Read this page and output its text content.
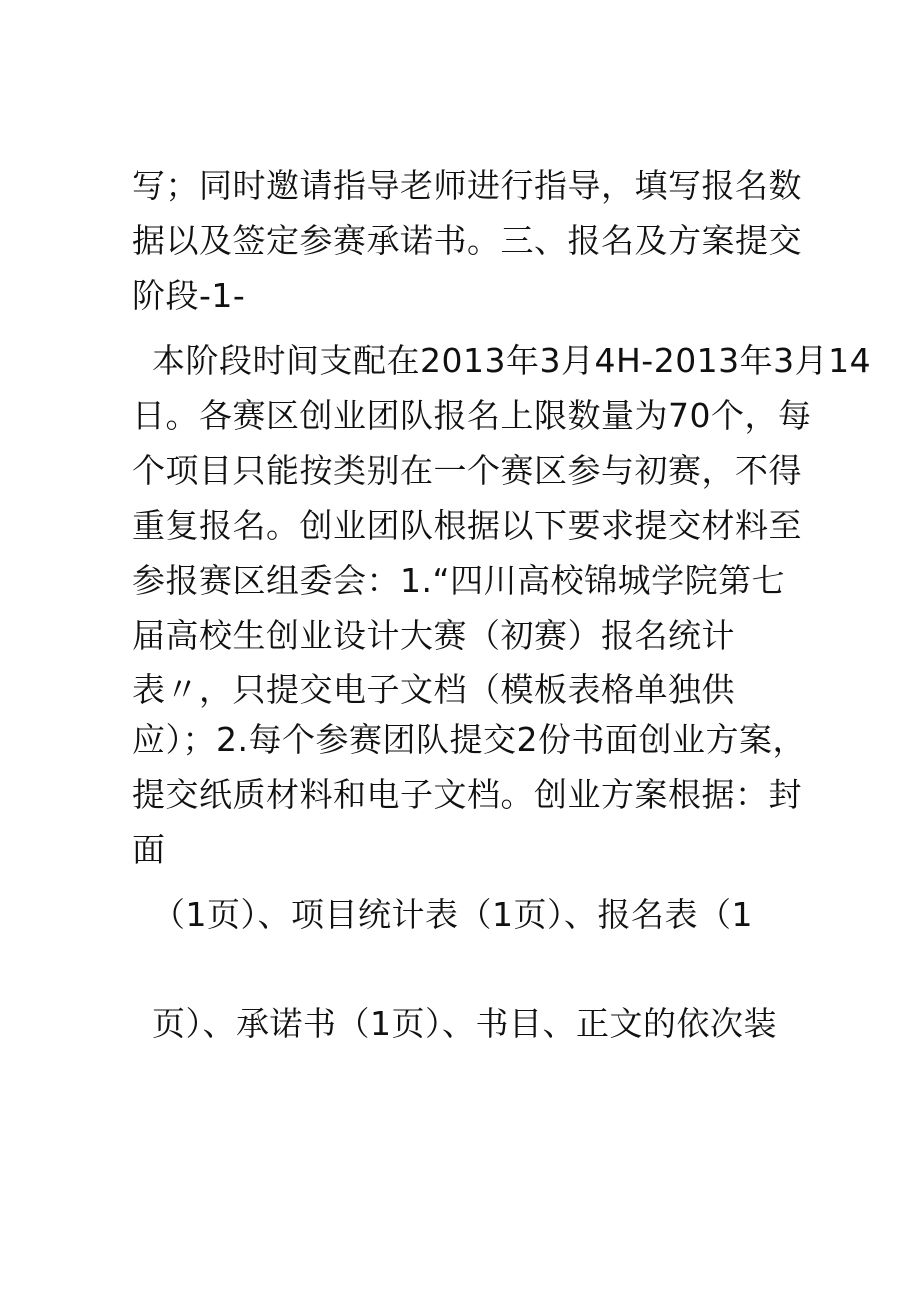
写；同时邀请指导老师进行指导，填写报名数
据以及签定参赛承诺书。三、报名及方案提交
阶段-1-
本阶段时间支配在2013年3月4H-2013年3月14
日。各赛区创业团队报名上限数量为70个，每
个项目只能按类别在一个赛区参与初赛，不得
重复报名。创业团队根据以下要求提交材料至
参报赛区组委会：1.“四川高校锦城学院第七
届高校生创业设计大赛（初赛）报名统计
表〃，只提交电子文档（模板表格单独供
应）；2.每个参赛团队提交2份书面创业方案，
提交纸质材料和电子文档。创业方案根据：封
面
（1页）、项目统计表（1页）、报名表（1
页）、承诺书（1页）、书目、正文的依次装
